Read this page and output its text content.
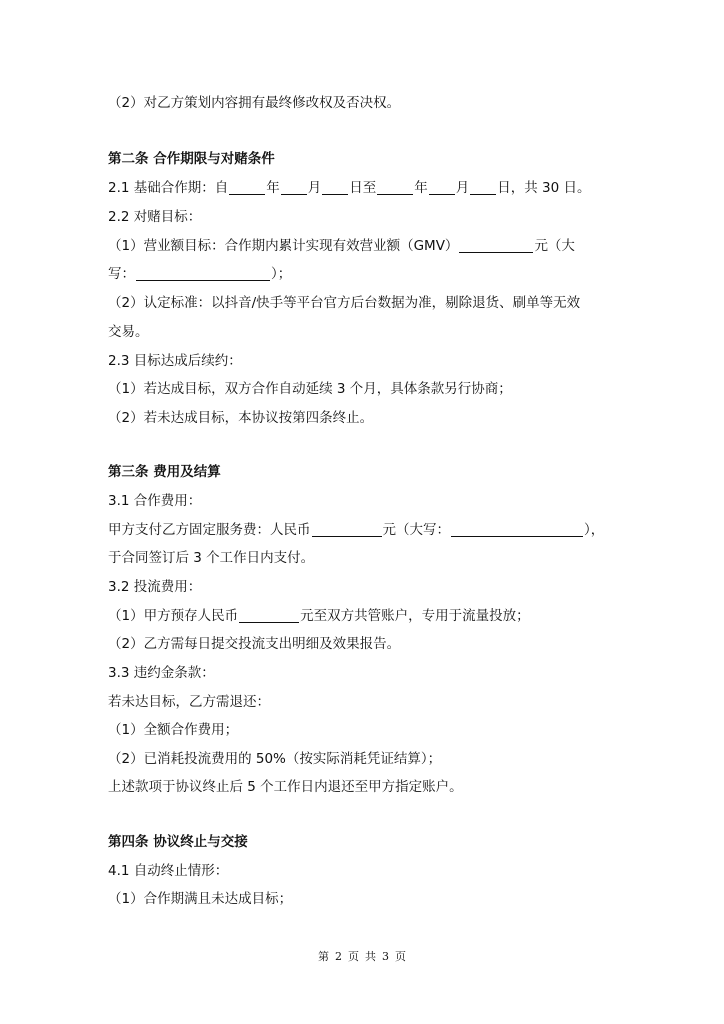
（2）对乙方策划内容拥有最终修改权及否决权。

第二条 合作期限与对赌条件

2.1 基础合作期：自	年 月 日至	年 月 日，共 30 日。

2.2 对赌目标：

（1）营业额目标：合作期内累计实现有效营业额（GMV）	元（大

写：	）；

（2）认定标准：以抖音/快手等平台官方后台数据为准，剔除退货、刷单等无效

交易。

2.3 目标达成后续约：

（1）若达成目标，双方合作自动延续 3 个月，具体条款另行协商；

（2）若未达成目标，本协议按第四条终止。

第三条 费用及结算

3.1 合作费用：

甲方支付乙方固定服务费：人民币	元（大写：	），

于合同签订后 3 个工作日内支付。

3.2 投流费用：

（1）甲方预存人民币	元至双方共管账户，专用于流量投放；

（2）乙方需每日提交投流支出明细及效果报告。

3.3 违约金条款：

若未达目标，乙方需退还：

（1）全额合作费用；

（2）已消耗投流费用的 50%（按实际消耗凭证结算）；

上述款项于协议终止后 5 个工作日内退还至甲方指定账户。

第四条 协议终止与交接

4.1 自动终止情形：

（1）合作期满且未达成目标；

第 2 页 共 3 页
